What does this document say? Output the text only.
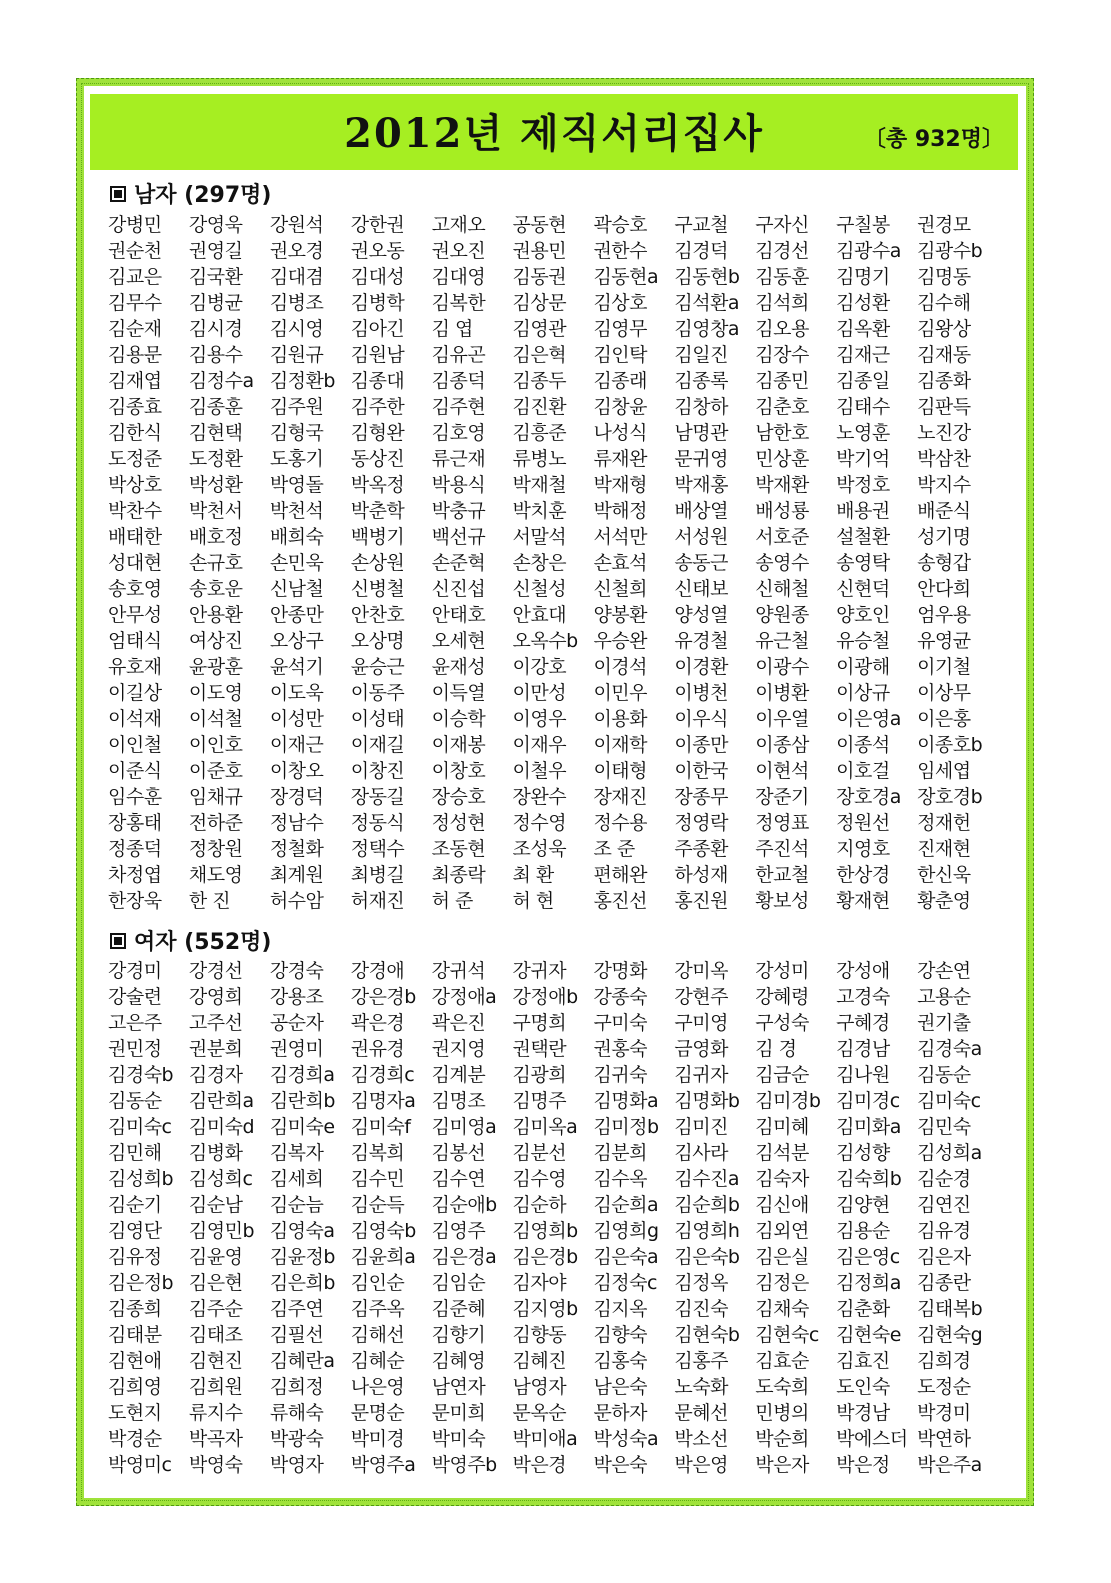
2012년 제직서리집사	〔총 932명〕
남자 (297명)
강병민	강영욱	강원석	강한권	고재오	공동현	곽승호	구교철	구자신	구칠봉	권경모
권순천	권영길	권오경	권오동	권오진	권용민	권한수	김경덕	김경선	김광수a 김광수b
김교은	김국환	김대겸	김대성	김대영	김동권	김동현a 김동현b 김동훈	김명기	김명동
김무수	김병균	김병조	김병학	김복한	김상문	김상호	김석환a 김석희	김성환	김수해
김순재	김시경	김시영	김아긴	김 엽	김영관	김영무	김영창a 김오용	김옥환	김왕상
김용문	김용수	김원규	김원남	김유곤	김은혁	김인탁	김일진	김장수	김재근	김재동
김재엽	김정수a 김정환b 김종대	김종덕	김종두	김종래	김종록	김종민	김종일	김종화
김종효	김종훈	김주원	김주한	김주현	김진환	김창윤	김창하	김춘호	김태수	김판득
김한식	김현택	김형국	김형완	김호영	김흥준	나성식	남명관	남한호	노영훈	노진강
도정준	도정환	도홍기	동상진	류근재	류병노	류재완	문귀영	민상훈	박기억	박삼찬
박상호	박성환	박영돌	박옥정	박용식	박재철	박재형	박재홍	박재환	박정호	박지수
박찬수	박천서	박천석	박춘학	박충규	박치훈	박해정	배상열	배성룡	배용권	배준식
배태한	배호정	배희숙	백병기	백선규	서말석	서석만	서성원	서호준	설철환	성기명
성대현	손규호	손민욱	손상원	손준혁	손창은	손효석	송동근	송영수	송영탁	송형갑
송호영	송호운	신남철	신병철	신진섭	신철성	신철희	신태보	신해철	신현덕	안다희
안무성	안용환	안종만	안찬호	안태호	안효대	양봉환	양성열	양원종	양호인	엄우용
엄태식	여상진	오상구	오상명	오세현	오옥수b 우승완	유경철	유근철	유승철	유영균
유호재	윤광훈	윤석기	윤승근	윤재성	이강호	이경석	이경환	이광수	이광해	이기철
이길상	이도영	이도욱	이동주	이득열	이만성	이민우	이병천	이병환	이상규	이상무
이석재	이석철	이성만	이성태	이승학	이영우	이용화	이우식	이우열	이은영a 이은홍
이인철	이인호	이재근	이재길	이재봉	이재우	이재학	이종만	이종삼	이종석	이종호b
이준식	이준호	이창오	이창진	이창호	이철우	이태형	이한국	이현석	이호걸	임세엽
임수훈	임채규	장경덕	장동길	장승호	장완수	장재진	장종무	장준기	장호경a 장호경b
장홍태	전하준	정남수	정동식	정성현	정수영	정수용	정영락	정영표	정원선	정재헌
정종덕	정창원	정철화	정택수	조동현	조성욱	조 준	주종환	주진석	지영호	진재현
차정엽	채도영	최계원	최병길	최종락	최 환	편해완	하성재	한교철	한상경	한신욱
한장욱	한 진	허수암	허재진	허 준	허 현	홍진선	홍진원	황보성	황재현	황춘영
여자 (552명)
강경미	강경선	강경숙	강경애	강귀석	강귀자	강명화	강미옥	강성미	강성애	강손연
강술련	강영희	강용조	강은경b 강정애a 강정애b 강종숙	강현주	강혜령	고경숙	고용순
고은주	고주선	공순자	곽은경	곽은진	구명희	구미숙	구미영	구성숙	구혜경	권기출
권민정	권분희	권영미	권유경	권지영	권택란	권홍숙	금영화	김 경	김경남	김경숙a
김경숙b 김경자	김경희a 김경희c 김계분	김광희	김귀숙	김귀자	김금순	김나원	김동순
김동순	김란희a 김란희b 김명자a 김명조	김명주	김명화a 김명화b 김미경b 김미경c 김미숙c
김미숙c 김미숙d 김미숙e 김미숙f	김미영a 김미옥a 김미정b 김미진	김미혜	김미화a 김민숙
김민해	김병화	김복자	김복희	김봉선	김분선	김분희	김사라	김석분	김성향	김성희a
김성희b 김성희c 김세희	김수민	김수연	김수영	김수옥	김수진a 김숙자	김숙희b 김순경
김순기	김순남	김순늠	김순득	김순애b 김순하	김순희a 김순희b 김신애	김양현	김연진
김영단	김영민b 김영숙a 김영숙b 김영주	김영희b 김영희g 김영희h 김외연	김용순	김유경
김유정	김윤영	김윤정b 김윤희a 김은경a 김은경b 김은숙a 김은숙b 김은실	김은영c 김은자
김은정b 김은현	김은희b 김인순	김임순	김자야	김정숙c 김정옥	김정은	김정희a 김종란
김종희	김주순	김주연	김주옥	김준혜	김지영b 김지옥	김진숙	김채숙	김춘화	김태복b
김태분	김태조	김필선	김해선	김향기	김향동	김향숙	김현숙b 김현숙c 김현숙e 김현숙g
김현애	김현진	김혜란a 김혜순	김혜영	김혜진	김홍숙	김홍주	김효순	김효진	김희경
김희영	김희원	김희정	나은영	남연자	남영자	남은숙	노숙화	도숙희	도인숙	도정순
도현지	류지수	류해숙	문명순	문미희	문옥순	문하자	문혜선	민병의	박경남	박경미
박경순	박곡자	박광숙	박미경	박미숙	박미애a 박성숙a 박소선	박순희	박에스더 박연하
박영미c 박영숙	박영자	박영주a 박영주b 박은경	박은숙	박은영	박은자	박은정	박은주a
